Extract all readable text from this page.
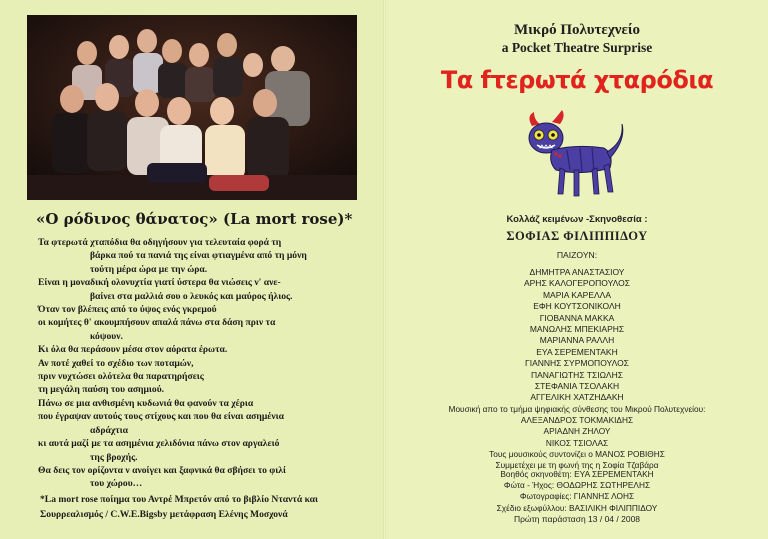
«Ο ρόδινος θάνατος» (La mort rose)*
Τα φτερωτά χταπόδια θα οδηγήσουν για τελευταία φορά τη
βάρκα πού τα πανιά της είναι φτιαγμένα από τη μόνη
τούτη μέρα ώρα με την ώρα.
Είναι η μοναδική ολονυχτία γιατί ύστερα θα νιώσεις ν' ανε-
βαίνει στα μαλλιά σου ο λευκός και μαύρος ήλιος.
Όταν τον βλέπεις από το ύψος ενός γκρεμού
οι κομήτες θ' ακουμπήσουν απαλά πάνω στα δάση πριν τα
κόψουν.
Κι όλα θα περάσουν μέσα στον αόρατα έρωτα.
Αν ποτέ χαθεί το σχέδιο των ποταμών,
πριν νυχτώσει ολότελα θα παρατηρήσεις
τη μεγάλη παύση του ασημιού.
Πάνω σε μια ανθισμένη κυδωνιά θα φανούν τα χέρια
που έγραψαν αυτούς τους στίχους και που θα είναι ασημένια
αδράχτια
κι αυτά μαζί με τα ασημένια χελιδόνια πάνω στον αργαλειό
της βροχής.
Θα δεις τον ορίζοντα ν ανοίγει και ξαφνικά θα σβήσει το φιλί
του χώρου…
*La mort rose ποίημα του Αντρέ Μπρετόν από το βιβλίο Νταντά και
Σουρρεαλισμός / C.W.E.Bigsby μετάφραση Ελένης Μοσχονά
Μικρό Πολυτεχνείο
a Pocket Theatre Surprise
Τα fτερωτά χταρόδια
Κολλάζ κειμένων -Σκηνοθεσία :
ΣΟΦΙΑΣ ΦΙΛΙΠΠΙΔΟΥ
ΠΑΙΖΟΥΝ:
ΔΗΜΗΤΡΑ ΑΝΑΣΤΑΣΙΟΥ
ΑΡΗΣ ΚΑΛΟΓΕΡΟΠΟΥΛΟΣ
ΜΑΡΙΑ ΚΑΡΕΛΛΑ
ΕΦΗ ΚΟΥΤΣΟΝΙΚΟΛΗ
ΓΙΟΒΑΝΝΑ ΜΑΚΚΑ
ΜΑΝΩΛΗΣ ΜΠΕΚΙΑΡΗΣ
ΜΑΡΙΑΝΝΑ ΡΑΛΛΗ
ΕΥΑ ΣΕΡΕΜΕΝΤΑΚΗ
ΓΙΑΝΝΗΣ ΣΥΡΜΟΠΟΥΛΟΣ
ΠΑΝΑΓΙΩΤΗΣ ΤΣΙΩΛΗΣ
ΣΤΕΦΑΝΙΑ ΤΣΟΛΑΚΗ
ΑΓΓΕΛΙΚΗ ΧΑΤΖΗΔΑΚΗ
Μουσική απο το τμήμα ψηφιακής σύνθεσης του Μικρού Πολυτεχνείου:
ΑΛΕΞΑΝΔΡΟΣ ΤΟΚΜΑΚΙΔΗΣ
ΑΡΙΑΔΝΗ ΖΗΛΟΥ
ΝΙΚΟΣ ΤΣΙΟΛΑΣ
Τους μουσικούς συντονίζει ο ΜΑΝΟΣ ΡΟΒΙΘΗΣ
Συμμετέχει με τη φωνή της η Σοφία Τζαβάρα
Βοηθός σκηνοθέτη: ΕΥΑ ΣΕΡΕΜΕΝΤΑΚΗ
Φώτα - Ήχος: ΘΟΔΩΡΗΣ ΣΩΤΗΡΕΛΗΣ
Φωτογραφίες: ΓΙΑΝΝΗΣ ΛΟΗΣ
Σχέδιο εξωφύλλου: ΒΑΣΙΛΙΚΗ ΦΙΛΙΠΠΙΔΟΥ
Πρώτη παράσταση 13 / 04 / 2008
